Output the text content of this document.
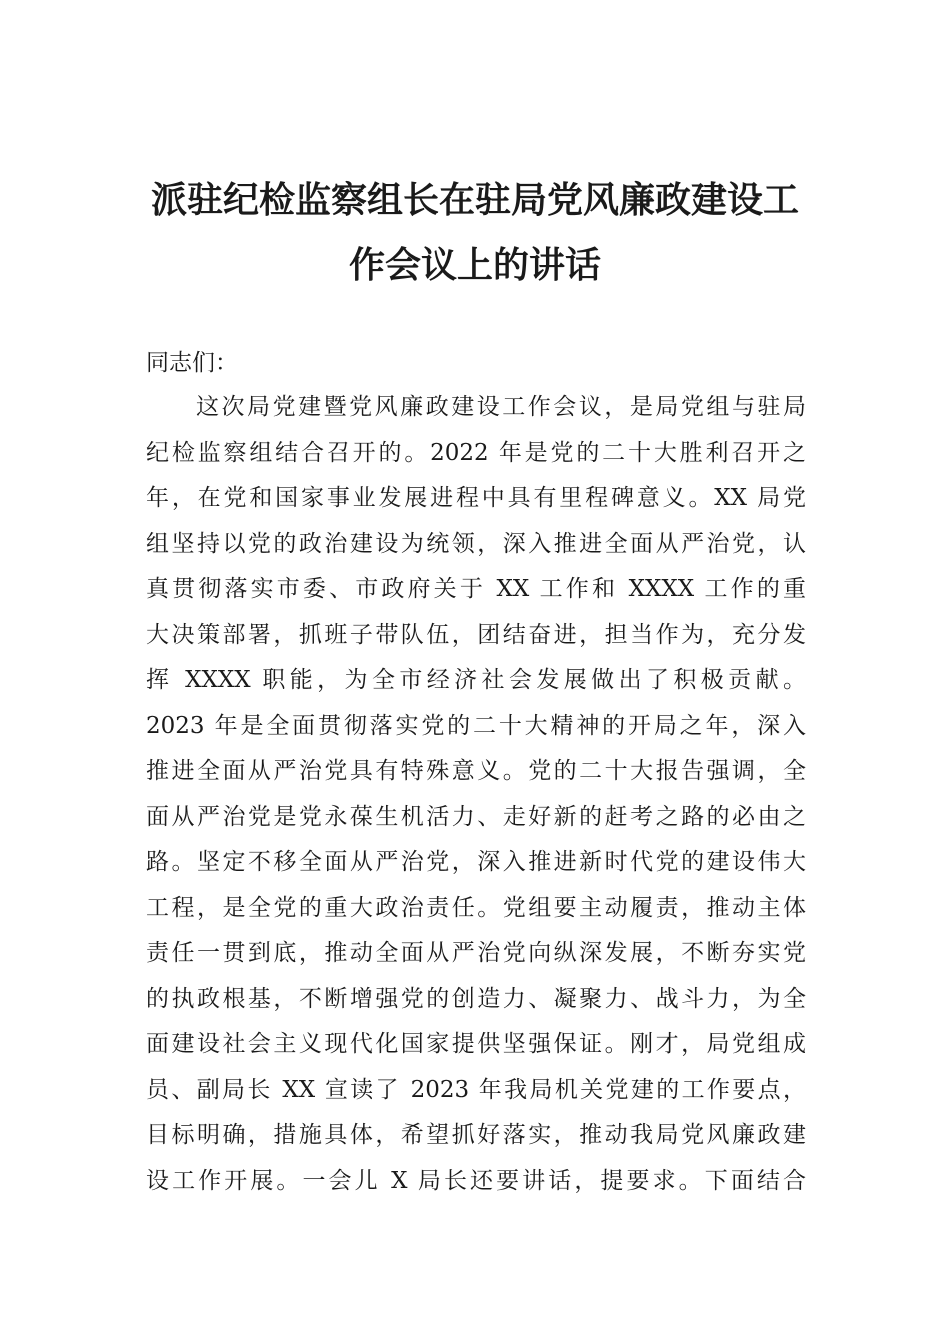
派驻纪检监察组长在驻局党风廉政建设工
作会议上的讲话
同志们：
这次局党建暨党风廉政建设工作会议，是局党组与驻局
纪检监察组结合召开的。2022 年是党的二十大胜利召开之
年，在党和国家事业发展进程中具有里程碑意义。XX 局党
组坚持以党的政治建设为统领，深入推进全面从严治党，认
真贯彻落实市委、市政府关于 XX 工作和 XXXX 工作的重
大决策部署，抓班子带队伍，团结奋进，担当作为，充分发
挥 XXXX 职能，为全市经济社会发展做出了积极贡献。
2023 年是全面贯彻落实党的二十大精神的开局之年，深入
推进全面从严治党具有特殊意义。党的二十大报告强调，全
面从严治党是党永葆生机活力、走好新的赶考之路的必由之
路。坚定不移全面从严治党，深入推进新时代党的建设伟大
工程，是全党的重大政治责任。党组要主动履责，推动主体
责任一贯到底，推动全面从严治党向纵深发展，不断夯实党
的执政根基，不断增强党的创造力、凝聚力、战斗力，为全
面建设社会主义现代化国家提供坚强保证。刚才，局党组成
员、副局长 XX 宣读了 2023 年我局机关党建的工作要点，
目标明确，措施具体，希望抓好落实，推动我局党风廉政建
设工作开展。一会儿 X 局长还要讲话，提要求。下面结合
